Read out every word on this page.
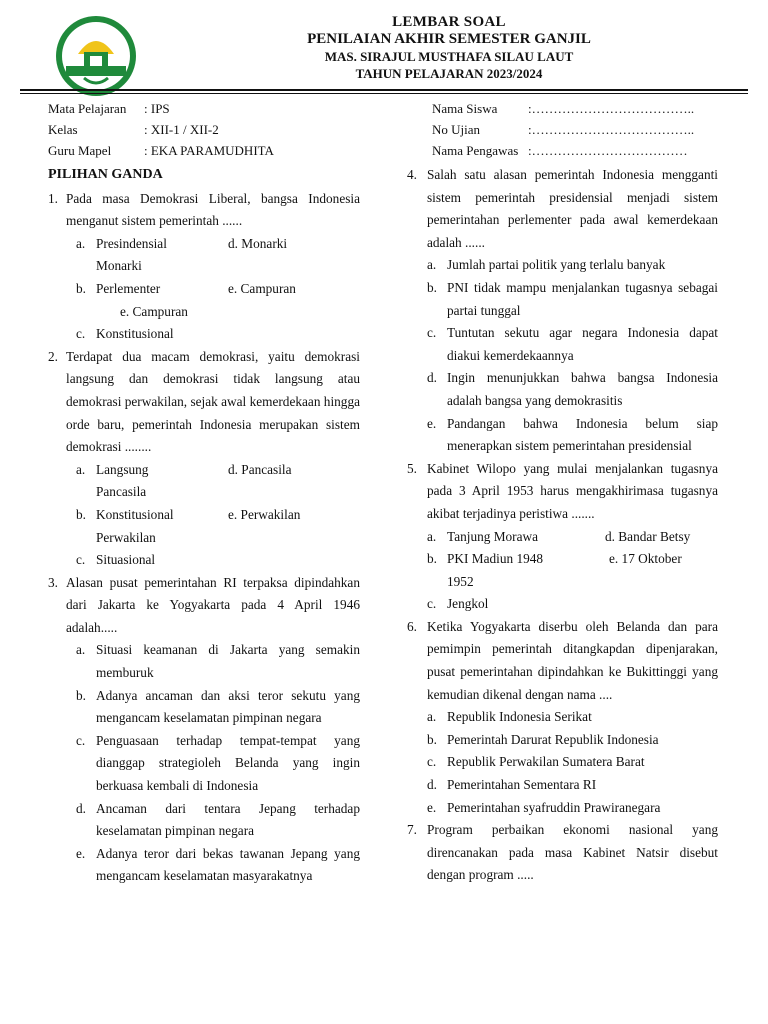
LEMBAR SOAL
PENILAIAN AKHIR SEMESTER GANJIL
MAS. SIRAJUL MUSTHAFA SILAU LAUT
TAHUN PELAJARAN 2023/2024
Mata Pelajaran	: IPS
Kelas	: XII-1 / XII-2
Guru Mapel	: EKA PARAMUDHITA
Nama Siswa	:………………………………..
No Ujian	:………………………………..
Nama Pengawas :………………………………
PILIHAN GANDA
1. Pada masa Demokrasi Liberal, bangsa Indonesia menganut sistem pemerintah ......
a. Presindensial	d. Monarki
Monarki
b. Perlementer	e. Campuran
e. Campuran
c. Konstitusional
2. Terdapat dua macam demokrasi, yaitu demokrasi langsung dan demokrasi tidak langsung atau demokrasi perwakilan, sejak awal kemerdekaan hingga orde baru, pemerintah Indonesia merupakan sistem demokrasi ........
a. Langsung	d. Pancasila
Pancasila
b. Konstitusional	e. Perwakilan
Perwakilan
c. Situasional
3. Alasan pusat pemerintahan RI terpaksa dipindahkan dari Jakarta ke Yogyakarta pada 4 April 1946 adalah.....
a. Situasi keamanan di Jakarta yang semakin memburuk
b. Adanya ancaman dan aksi teror sekutu yang mengancam keselamatan pimpinan negara
c. Penguasaan terhadap tempat-tempat yang dianggap strategioleh Belanda yang ingin berkuasa kembali di Indonesia
d. Ancaman dari tentara Jepang terhadap keselamatan pimpinan negara
e. Adanya teror dari bekas tawanan Jepang yang mengancam keselamatan masyarakatnya
4. Salah satu alasan pemerintah Indonesia mengganti sistem pemerintah presidensial menjadi sistem pemerintahan perlementer pada awal kemerdekaan adalah ......
a. Jumlah partai politik yang terlalu banyak
b. PNI tidak mampu menjalankan tugasnya sebagai partai tunggal
c. Tuntutan sekutu agar negara Indonesia dapat diakui kemerdekaannya
d. Ingin menunjukkan bahwa bangsa Indonesia adalah bangsa yang demokrasitis
e. Pandangan bahwa Indonesia belum siap menerapkan sistem pemerintahan presidensial
5. Kabinet Wilopo yang mulai menjalankan tugasnya pada 3 April 1953 harus mengakhirimasa tugasnya akibat terjadinya peristiwa .......
a. Tanjung Morawa	d. Bandar Betsy
b. PKI Madiun 1948	e. 17 Oktober
1952
c. Jengkol
6. Ketika Yogyakarta diserbu oleh Belanda dan para pemimpin pemerintah ditangkapdan dipenjarakan, pusat pemerintahan dipindahkan ke Bukittinggi yang kemudian dikenal dengan nama ....
a. Republik Indonesia Serikat
b. Pemerintah Darurat Republik Indonesia
c. Republik Perwakilan Sumatera Barat
d. Pemerintahan Sementara RI
e. Pemerintahan syafruddin Prawiranegara
7. Program perbaikan ekonomi nasional yang direncanakan pada masa Kabinet Natsir disebut dengan program .....
